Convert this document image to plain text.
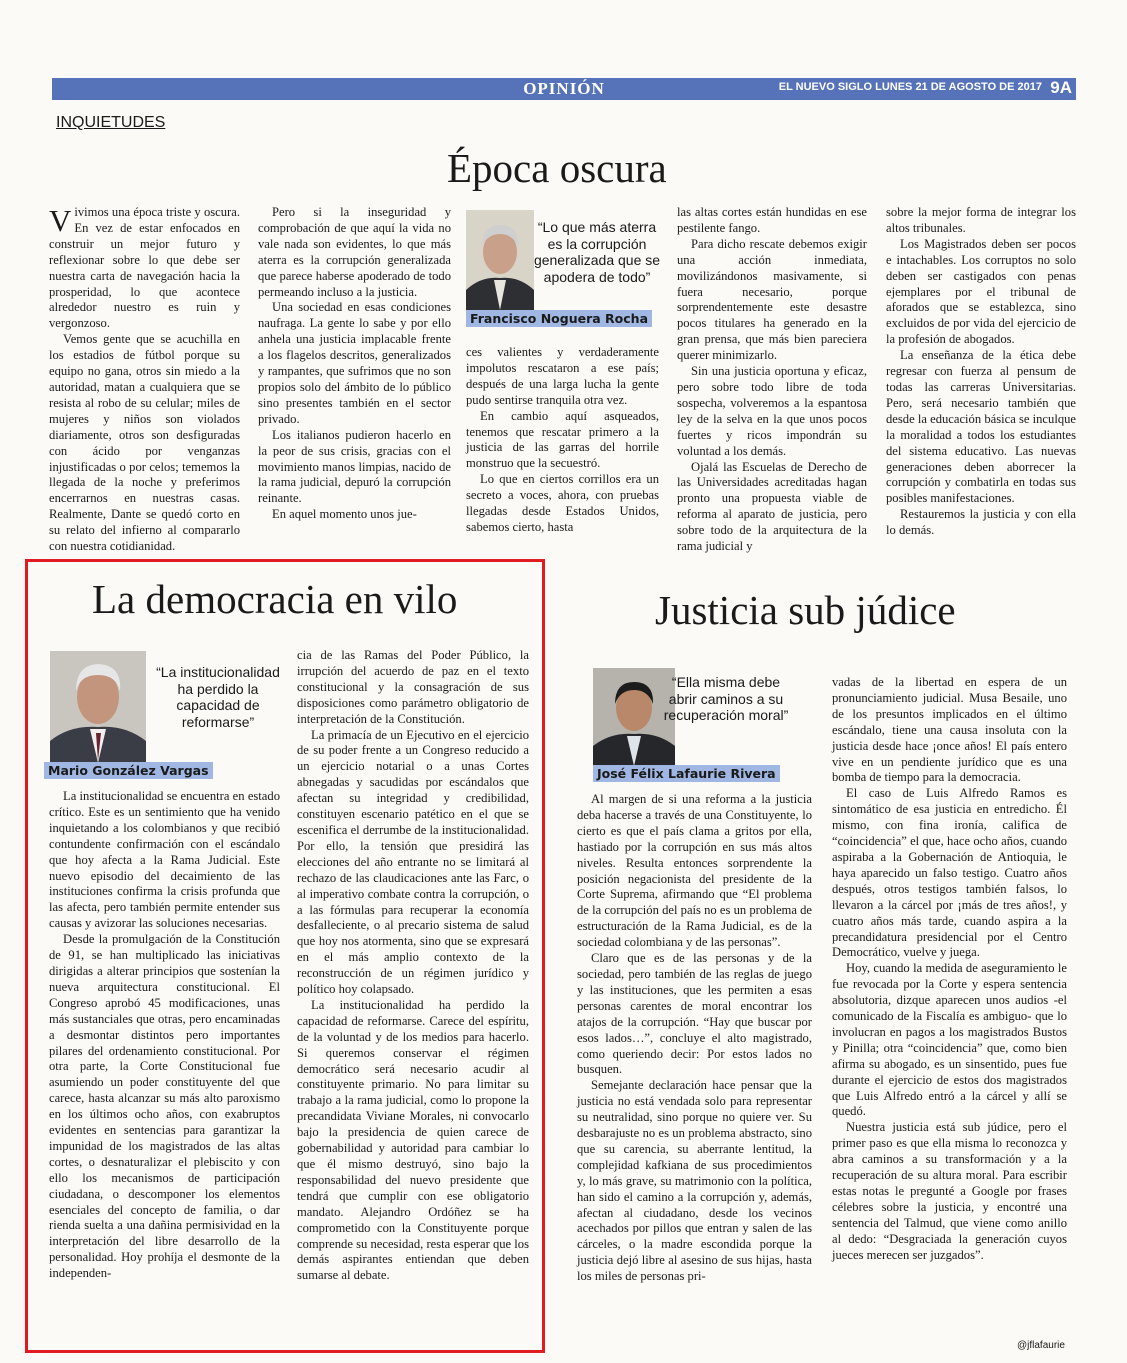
OPINIÓN	EL NUEVO SIGLO LUNES 21 DE AGOSTO DE 2017 9A
INQUIETUDES
Época oscura

Vivimos una época triste y oscura. En vez de estar enfocados en construir un mejor futuro y reflexionar sobre lo que debe ser nuestra carta de navegación hacia la prosperidad, lo que acontece alrededor nuestro es ruin y vergonzoso.

Vemos gente que se acuchilla en los estadios de fútbol porque su equipo no gana, otros sin miedo a la autoridad, matan a cualquiera que se resista al robo de su celular; miles de mujeres y niños son violados diariamente, otros son desfiguradas con ácido por venganzas injustificadas o por celos; tememos la llegada de la noche y preferimos encerrarnos en nuestras casas. Realmente, Dante se quedó corto en su relato del infierno al compararlo con nuestra cotidianidad.

Pero si la inseguridad y comprobación de que aquí la vida no vale nada son evidentes, lo que más aterra es la corrupción generalizada que parece haberse apoderado de todo permeando incluso a la justicia.

Una sociedad en esas condiciones naufraga. La gente lo sabe y por ello anhela una justicia implacable frente a los flagelos descritos, generalizados y rampantes, que sufrimos que no son propios solo del ámbito de lo público sino presentes también en el sector privado.

Los italianos pudieron hacerlo en la peor de sus crisis, gracias con el movimiento manos limpias, nacido de la rama judicial, depuró la corrupción reinante.

En aquel momento unos jue-

“Lo que más aterra es la corrupción generalizada que se apodera de todo”
Francisco Noguera Rocha

ces valientes y verdaderamente impolutos rescataron a ese país; después de una larga lucha la gente pudo sentirse tranquila otra vez.

En cambio aquí asqueados, tenemos que rescatar primero a la justicia de las garras del horrile monstruo que la secuestró.

Lo que en ciertos corrillos era un secreto a voces, ahora, con pruebas llegadas desde Estados Unidos, sabemos cierto, hasta

las altas cortes están hundidas en ese pestilente fango.

Para dicho rescate debemos exigir una acción inmediata, movilizándonos masivamente, si fuera necesario, porque sorprendentemente este desastre pocos titulares ha generado en la gran prensa, que más bien pareciera querer minimizarlo.

Sin una justicia oportuna y eficaz, pero sobre todo libre de toda sospecha, volveremos a la espantosa ley de la selva en la que unos pocos fuertes y ricos impondrán su voluntad a los demás.

Ojalá las Escuelas de Derecho de las Universidades acreditadas hagan pronto una propuesta viable de reforma al aparato de justicia, pero sobre todo de la arquitectura de la rama judicial y

sobre la mejor forma de integrar los altos tribunales.

Los Magistrados deben ser pocos e intachables. Los corruptos no solo deben ser castigados con penas ejemplares por el tribunal de aforados que se establezca, sino excluidos de por vida del ejercicio de la profesión de abogados.

La enseñanza de la ética debe regresar con fuerza al pensum de todas las carreras Universitarias. Pero, será necesario también que desde la educación básica se inculque la moralidad a todos los estudiantes del sistema educativo. Las nuevas generaciones deben aborrecer la corrupción y combatirla en todas sus posibles manifestaciones.

Restauremos la justicia y con ella lo demás.

La democracia en vilo
“La institucionalidad ha perdido la capacidad de reformarse”
Mario González Vargas

La institucionalidad se encuentra en estado crítico. Este es un sentimiento que ha venido inquietando a los colombianos y que recibió contundente confirmación con el escándalo que hoy afecta a la Rama Judicial. Este nuevo episodio del decaimiento de las instituciones confirma la crisis profunda que las afecta, pero también permite entender sus causas y avizorar las soluciones necesarias.

Desde la promulgación de la Constitución de 91, se han multiplicado las iniciativas dirigidas a alterar principios que sostenían la nueva arquitectura constitucional. El Congreso aprobó 45 modificaciones, unas más sustanciales que otras, pero encaminadas a desmontar distintos pero importantes pilares del ordenamiento constitucional. Por otra parte, la Corte Constitucional fue asumiendo un poder constituyente del que carece, hasta alcanzar su más alto paroxismo en los últimos ocho años, con exabruptos evidentes en sentencias para garantizar la impunidad de los magistrados de las altas cortes, o desnaturalizar el plebiscito y con ello los mecanismos de participación ciudadana, o descomponer los elementos esenciales del concepto de familia, o dar rienda suelta a una dañina permisividad en la interpretación del libre desarrollo de la personalidad. Hoy prohíja el desmonte de la independen-

cia de las Ramas del Poder Público, la irrupción del acuerdo de paz en el texto constitucional y la consagración de sus disposiciones como parámetro obligatorio de interpretación de la Constitución.

La primacía de un Ejecutivo en el ejercicio de su poder frente a un Congreso reducido a un ejercicio notarial o a unas Cortes abnegadas y sacudidas por escándalos que afectan su integridad y credibilidad, constituyen escenario patético en el que se escenifica el derrumbe de la institucionalidad. Por ello, la tensión que presidirá las elecciones del año entrante no se limitará al rechazo de las claudicaciones ante las Farc, o al imperativo combate contra la corrupción, o a las fórmulas para recuperar la economía desfalleciente, o al precario sistema de salud que hoy nos atormenta, sino que se expresará en el más amplio contexto de la reconstrucción de un régimen jurídico y político hoy colapsado.

La institucionalidad ha perdido la capacidad de reformarse. Carece del espíritu, de la voluntad y de los medios para hacerlo. Si queremos conservar el régimen democrático será necesario acudir al constituyente primario. No para limitar su trabajo a la rama judicial, como lo propone la precandidata Viviane Morales, ni convocarlo bajo la presidencia de quien carece de gobernabilidad y autoridad para cambiar lo que él mismo destruyó, sino bajo la responsabilidad del nuevo presidente que tendrá que cumplir con ese obligatorio mandato. Alejandro Ordóñez se ha comprometido con la Constituyente porque comprende su necesidad, resta esperar que los demás aspirantes entiendan que deben sumarse al debate.

Justicia sub júdice
“Ella misma debe abrir caminos a su recuperación moral”
José Félix Lafaurie Rivera

Al margen de si una reforma a la justicia deba hacerse a través de una Constituyente, lo cierto es que el país clama a gritos por ella, hastiado por la corrupción en sus más altos niveles. Resulta entonces sorprendente la posición negacionista del presidente de la Corte Suprema, afirmando que “El problema de la corrupción del país no es un problema de estructuración de la Rama Judicial, es de la sociedad colombiana y de las personas”.

Claro que es de las personas y de la sociedad, pero también de las reglas de juego y las instituciones, que les permiten a esas personas carentes de moral encontrar los atajos de la corrupción. “Hay que buscar por esos lados…”, concluye el alto magistrado, como queriendo decir: Por estos lados no busquen.

Semejante declaración hace pensar que la justicia no está vendada solo para representar su neutralidad, sino porque no quiere ver. Su desbarajuste no es un problema abstracto, sino que su carencia, su aberrante lentitud, la complejidad kafkiana de sus procedimientos y, lo más grave, su matrimonio con la política, han sido el camino a la corrupción y, además, afectan al ciudadano, desde los vecinos acechados por pillos que entran y salen de las cárceles, o la madre escondida porque la justicia dejó libre al asesino de sus hijas, hasta los miles de personas pri-

vadas de la libertad en espera de un pronunciamiento judicial. Musa Besaile, uno de los presuntos implicados en el último escándalo, tiene una causa insoluta con la justicia desde hace ¡once años! El país entero vive en un pendiente jurídico que es una bomba de tiempo para la democracia.

El caso de Luis Alfredo Ramos es sintomático de esa justicia en entredicho. Él mismo, con fina ironía, califica de “coincidencia” el que, hace ocho años, cuando aspiraba a la Gobernación de Antioquia, le haya aparecido un falso testigo. Cuatro años después, otros testigos también falsos, lo llevaron a la cárcel por ¡más de tres años!, y cuatro años más tarde, cuando aspira a la precandidatura presidencial por el Centro Democrático, vuelve y juega.

Hoy, cuando la medida de aseguramiento le fue revocada por la Corte y espera sentencia absolutoria, dizque aparecen unos audios -el comunicado de la Fiscalía es ambiguo- que lo involucran en pagos a los magistrados Bustos y Pinilla; otra “coincidencia” que, como bien afirma su abogado, es un sinsentido, pues fue durante el ejercicio de estos dos magistrados que Luis Alfredo entró a la cárcel y allí se quedó.

Nuestra justicia está sub júdice, pero el primer paso es que ella misma lo reconozca y abra caminos a su transformación y a la recuperación de su altura moral. Para escribir estas notas le pregunté a Google por frases célebres sobre la justicia, y encontré una sentencia del Talmud, que viene como anillo al dedo: “Desgraciada la generación cuyos jueces merecen ser juzgados”.

@jflafaurie
